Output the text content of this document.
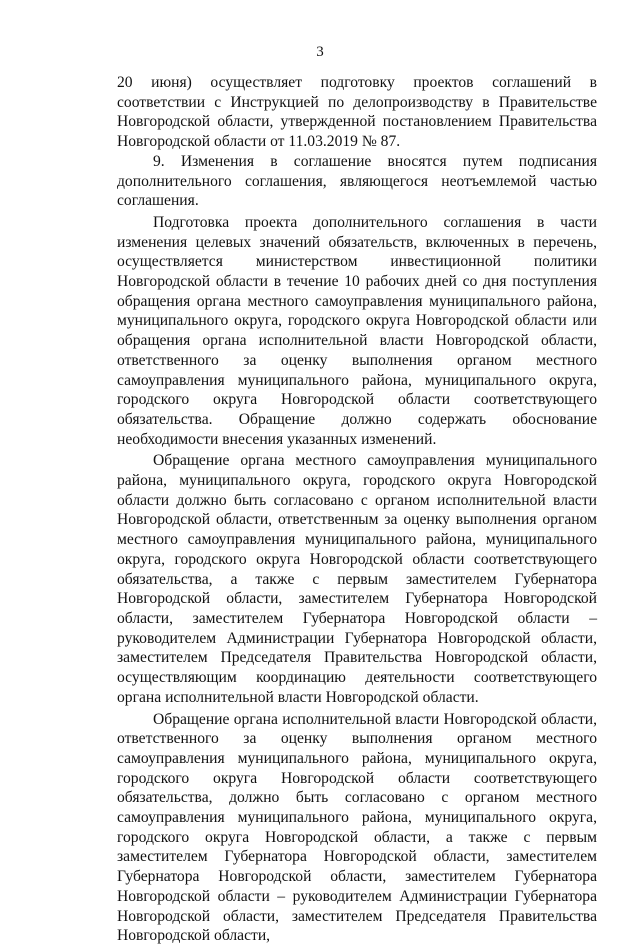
3

20 июня) осуществляет подготовку проектов соглашений в соответствии с Инструкцией по делопроизводству в Правительстве Новгородской области, утвержденной постановлением Правительства Новгородской области от 11.03.2019 № 87.

9. Изменения в соглашение вносятся путем подписания дополнительного соглашения, являющегося неотъемлемой частью соглашения.

Подготовка проекта дополнительного соглашения в части изменения целевых значений обязательств, включенных в перечень, осуществляется министерством инвестиционной политики Новгородской области в течение 10 рабочих дней со дня поступления обращения органа местного самоуправления муниципального района, муниципального округа, городского округа Новгородской области или обращения органа исполнительной власти Новгородской области, ответственного за оценку выполнения органом местного самоуправления муниципального района, муниципального округа, городского округа Новгородской области соответствующего обязательства. Обращение должно содержать обоснование необходимости внесения указанных изменений.

Обращение органа местного самоуправления муниципального района, муниципального округа, городского округа Новгородской области должно быть согласовано с органом исполнительной власти Новгородской области, ответственным за оценку выполнения органом местного самоуправления муниципального района, муниципального округа, городского округа Новгородской области соответствующего обязательства, а также с первым заместителем Губернатора Новгородской области, заместителем Губернатора Новгородской области, заместителем Губернатора Новгородской области – руководителем Администрации Губернатора Новгородской области, заместителем Председателя Правительства Новгородской области, осуществляющим координацию деятельности соответствующего органа исполнительной власти Новгородской области.

Обращение органа исполнительной власти Новгородской области, ответственного за оценку выполнения органом местного самоуправления муниципального района, муниципального округа, городского округа Новгородской области соответствующего обязательства, должно быть согласовано с органом местного самоуправления муниципального района, муниципального округа, городского округа Новгородской области, а также с первым заместителем Губернатора Новгородской области, заместителем Губернатора Новгородской области, заместителем Губернатора Новгородской области – руководителем Администрации Губернатора Новгородской области, заместителем Председателя Правительства Новгородской области,
